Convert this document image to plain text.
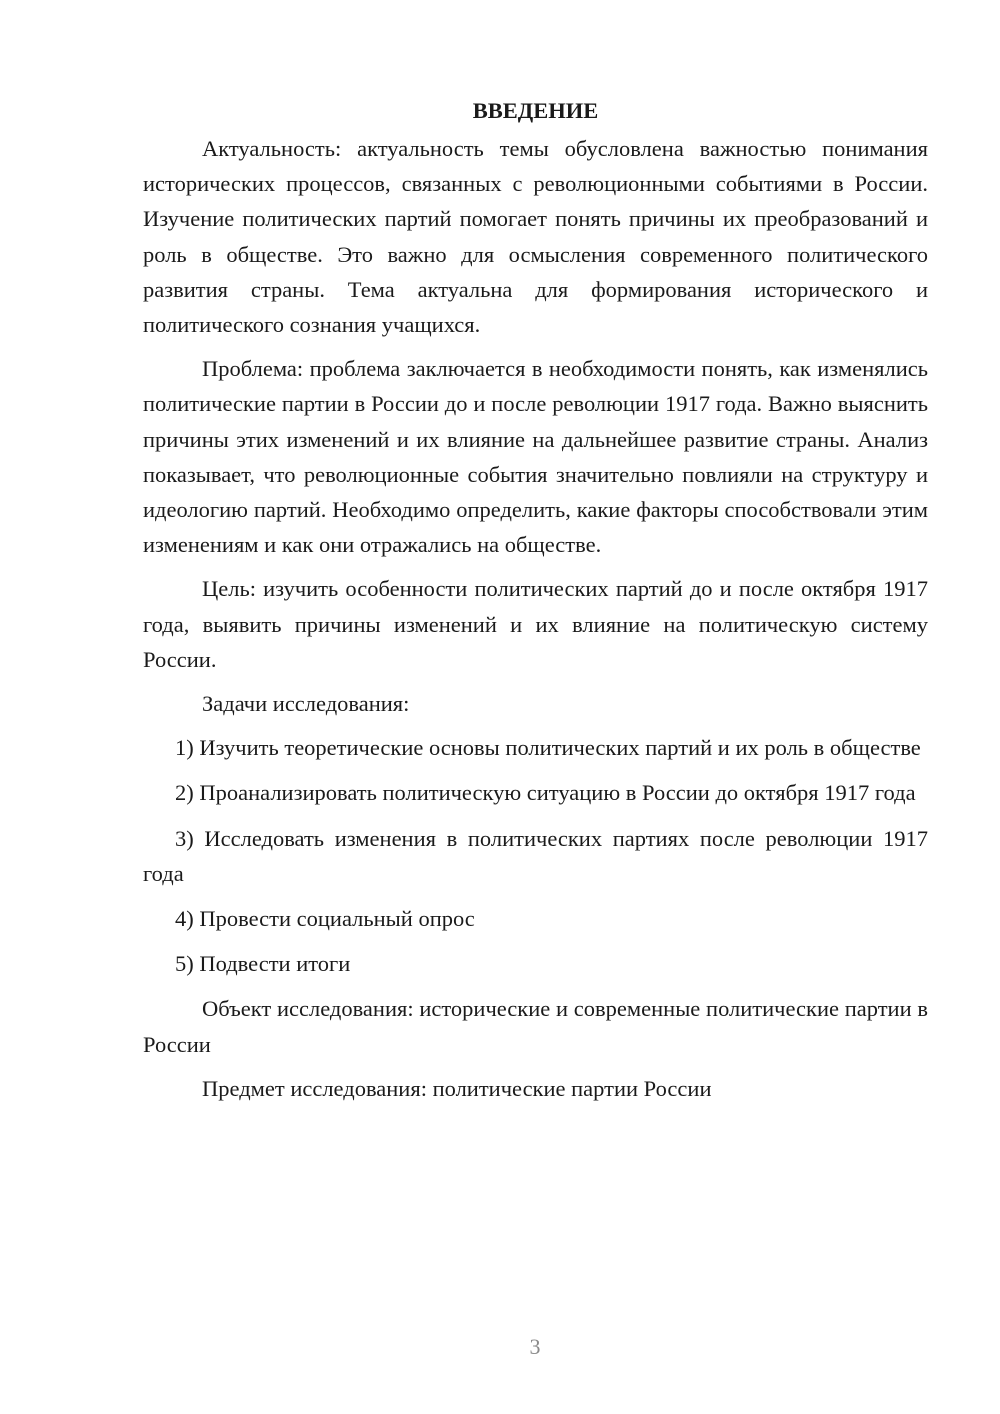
ВВЕДЕНИЕ

Актуальность: актуальность темы обусловлена важностью понимания исторических процессов, связанных с революционными событиями в России. Изучение политических партий помогает понять причины их преобразований и роль в обществе. Это важно для осмысления современного политического развития страны. Тема актуальна для формирования исторического и политического сознания учащихся.

Проблема: проблема заключается в необходимости понять, как изменялись политические партии в России до и после революции 1917 года. Важно выяснить причины этих изменений и их влияние на дальнейшее развитие страны. Анализ показывает, что революционные события значительно повлияли на структуру и идеологию партий. Необходимо определить, какие факторы способствовали этим изменениям и как они отражались на обществе.

Цель: изучить особенности политических партий до и после октября 1917 года, выявить причины изменений и их влияние на политическую систему России.

Задачи исследования:

1) Изучить теоретические основы политических партий и их роль в обществе

2) Проанализировать политическую ситуацию в России до октября 1917 года

3) Исследовать изменения в политических партиях после революции 1917 года

4) Провести социальный опрос

5) Подвести итоги

Объект исследования: исторические и современные политические партии в России

Предмет исследования: политические партии России

3
